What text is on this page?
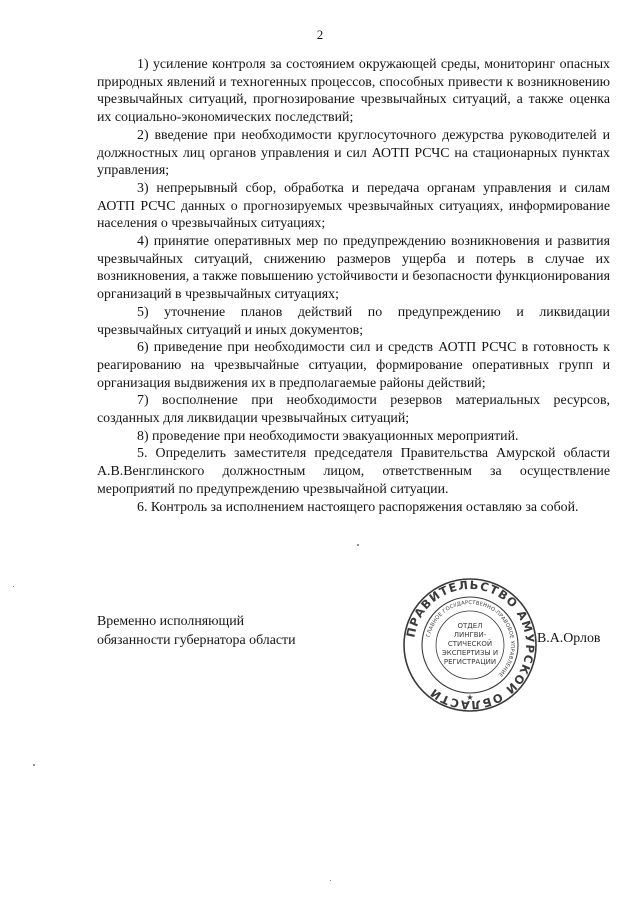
2

1) усиление контроля за состоянием окружающей среды, мониторинг опасных природных явлений и техногенных процессов, способных привести к возникновению чрезвычайных ситуаций, прогнозирование чрезвычайных ситуаций, а также оценка их социально-экономических последствий;

2) введение при необходимости круглосуточного дежурства руководителей и должностных лиц органов управления и сил АОТП РСЧС на стационарных пунктах управления;

3) непрерывный сбор, обработка и передача органам управления и силам АОТП РСЧС данных о прогнозируемых чрезвычайных ситуациях, информирование населения о чрезвычайных ситуациях;

4) принятие оперативных мер по предупреждению возникновения и развития чрезвычайных ситуаций, снижению размеров ущерба и потерь в случае их возникновения, а также повышению устойчивости и безопасности функционирования организаций в чрезвычайных ситуациях;

5) уточнение планов действий по предупреждению и ликвидации чрезвычайных ситуаций и иных документов;

6) приведение при необходимости сил и средств АОТП РСЧС в готовность к реагированию на чрезвычайные ситуации, формирование оперативных групп и организация выдвижения их в предполагаемые районы действий;

7) восполнение при необходимости резервов материальных ресурсов, созданных для ликвидации чрезвычайных ситуаций;

8) проведение при необходимости эвакуационных мероприятий.

5. Определить заместителя председателя Правительства Амурской области А.В.Венглинского должностным лицом, ответственным за осуществление мероприятий по предупреждению чрезвычайной ситуации.

6. Контроль за исполнением настоящего распоряжения оставляю за собой.

Временно исполняющий
обязанности губернатора области
ПРАВИТЕЛЬСТВО АМУРСКОЙ ОБЛАСТИ
ГЛАВНОЕ ГОСУДАРСТВЕННО-ПРАВОВОЕ УПРАВЛЕНИЕ
ОТДЕЛ
ЛИНГВИ-
СТИЧЕСКОЙ
ЭКСПЕРТИЗЫ И
РЕГИСТРАЦИИ
★
В.А.Орлов
